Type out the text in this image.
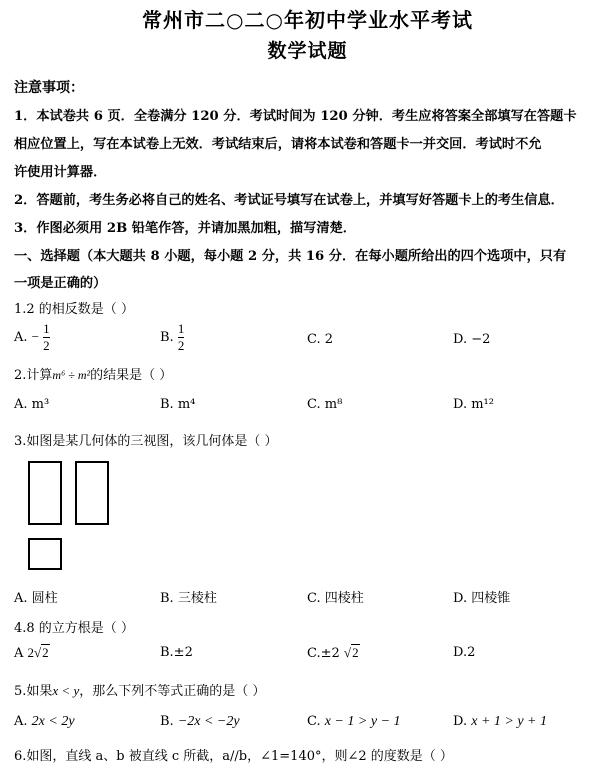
常州市二○二○年初中学业水平考试
数学试题
注意事项：
1．本试卷共 6 页．全卷满分 120 分．考试时间为 120 分钟．考生应将答案全部填写在答题卡
相应位置上，写在本试卷上无效．考试结束后，请将本试卷和答题卡一并交回．考试时不允
许使用计算器．
2．答题前，考生务必将自己的姓名、考试证号填写在试卷上，并填写好答题卡上的考生信息．
3．作图必须用 2B 铅笔作答，并请加黑加粗，描写清楚．
一、选择题（本大题共 8 小题，每小题 2 分，共 16 分．在每小题所给出的四个选项中，只有
一项是正确的）
1.2 的相反数是（ ）
A. − $\frac{1}{2}$	B. $\frac{1}{2}$	C. 2	D. −2
2.计算m⁶ ÷ m²的结果是（ ）
A. m³	B. m⁴	C. m⁸	D. m¹²
3.如图是某几何体的三视图，该几何体是（ ）
A. 圆柱	B. 三棱柱	C. 四棱柱	D. 四棱锥
4.8 的立方根是（ ）
A 2√2	B.±2	C.±2 √2	D.2
5.如果x < y，那么下列不等式正确的是（ ）
A. 2x < 2y	B. −2x < −2y	C. x − 1 > y − 1	D. x + 1 > y + 1
6.如图，直线 a、b 被直线 c 所截，a//b，∠1=140°，则∠2 的度数是（ ）
